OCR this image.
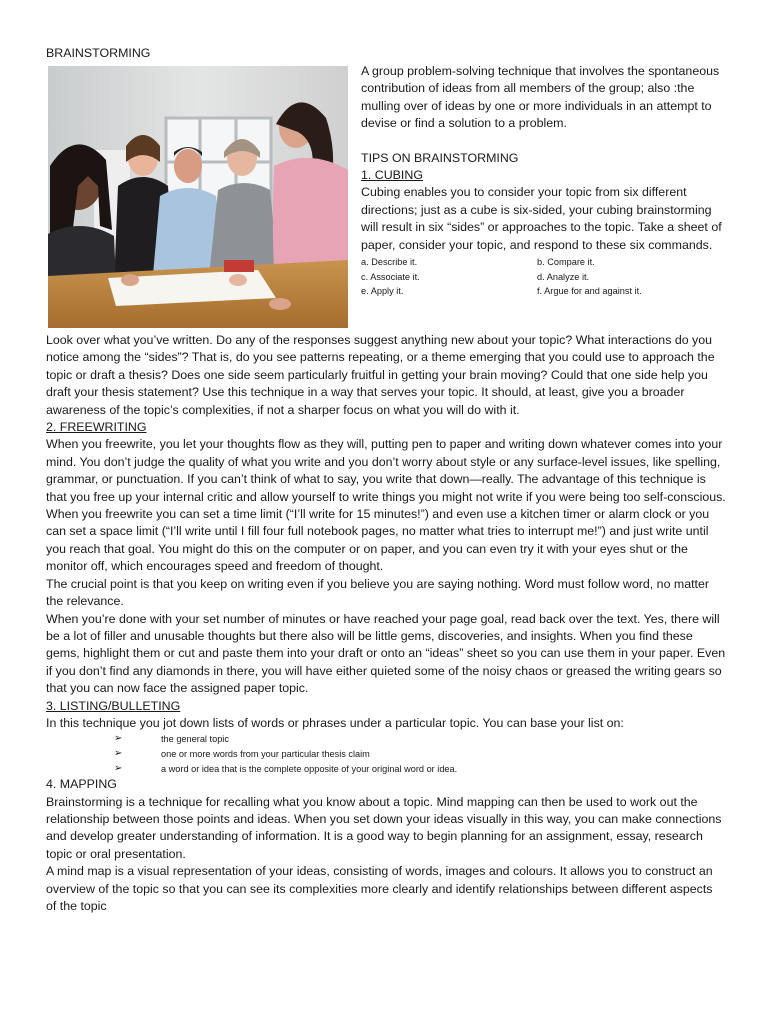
BRAINSTORMING

A group problem-solving technique that involves the spontaneous contribution of ideas from all members of the group; also :the mulling over of ideas by one or more individuals in an attempt to devise or find a solution to a problem.

TIPS ON BRAINSTORMING

1. CUBING

Cubing enables you to consider your topic from six different directions; just as a cube is six-sided, your cubing brainstorming will result in six “sides” or approaches to the topic. Take a sheet of paper, consider your topic, and respond to these six commands.

a. Describe it.	b. Compare it.
c. Associate it.	d. Analyze it.
e. Apply it.	f. Argue for and against it.

Look over what you’ve written. Do any of the responses suggest anything new about your topic? What interactions do you notice among the “sides”? That is, do you see patterns repeating, or a theme emerging that you could use to approach the topic or draft a thesis? Does one side seem particularly fruitful in getting your brain moving? Could that one side help you draft your thesis statement? Use this technique in a way that serves your topic. It should, at least, give you a broader awareness of the topic’s complexities, if not a sharper focus on what you will do with it.

2. FREEWRITING

When you freewrite, you let your thoughts flow as they will, putting pen to paper and writing down whatever comes into your mind. You don’t judge the quality of what you write and you don’t worry about style or any surface-level issues, like spelling, grammar, or punctuation. If you can’t think of what to say, you write that down—really. The advantage of this technique is that you free up your internal critic and allow yourself to write things you might not write if you were being too self-conscious.

When you freewrite you can set a time limit (“I’ll write for 15 minutes!”) and even use a kitchen timer or alarm clock or you can set a space limit (“I’ll write until I fill four full notebook pages, no matter what tries to interrupt me!”) and just write until you reach that goal. You might do this on the computer or on paper, and you can even try it with your eyes shut or the monitor off, which encourages speed and freedom of thought.

The crucial point is that you keep on writing even if you believe you are saying nothing. Word must follow word, no matter the relevance.

When you’re done with your set number of minutes or have reached your page goal, read back over the text. Yes, there will be a lot of filler and unusable thoughts but there also will be little gems, discoveries, and insights. When you find these gems, highlight them or cut and paste them into your draft or onto an “ideas” sheet so you can use them in your paper. Even if you don’t find any diamonds in there, you will have either quieted some of the noisy chaos or greased the writing gears so that you can now face the assigned paper topic.

3. LISTING/BULLETING

In this technique you jot down lists of words or phrases under a particular topic. You can base your list on:

➢	the general topic
➢	one or more words from your particular thesis claim
➢	a word or idea that is the complete opposite of your original word or idea.

4. MAPPING

Brainstorming is a technique for recalling what you know about a topic. Mind mapping can then be used to work out the relationship between those points and ideas. When you set down your ideas visually in this way, you can make connections and develop greater understanding of information. It is a good way to begin planning for an assignment, essay, research topic or oral presentation.

A mind map is a visual representation of your ideas, consisting of words, images and colours. It allows you to construct an overview of the topic so that you can see its complexities more clearly and identify relationships between different aspects of the topic
